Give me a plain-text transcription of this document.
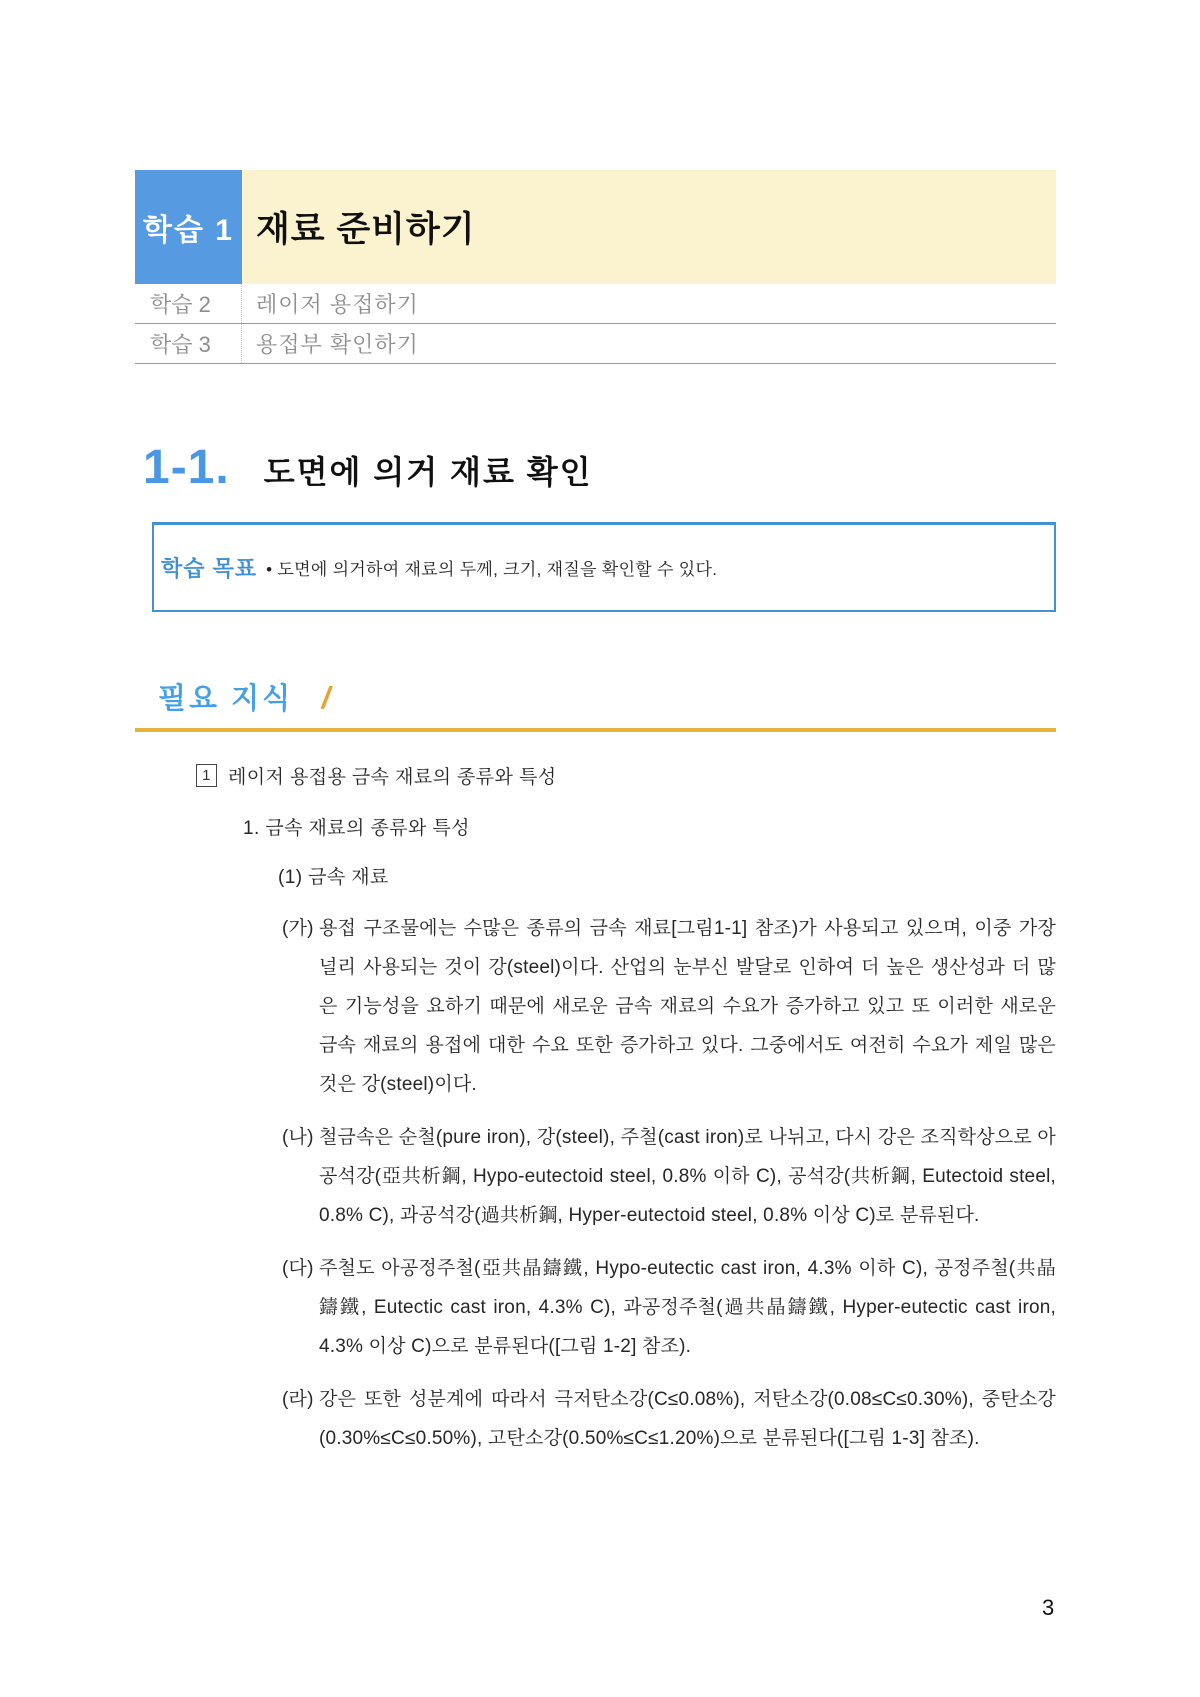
학습 1 재료 준비하기
학습 2	레이저 용접하기
학습 3	용접부 확인하기
1-1. 도면에 의거 재료 확인
학습 목표 • 도면에 의거하여 재료의 두께, 크기, 재질을 확인할 수 있다.
필요 지식 /
1 레이저 용접용 금속 재료의 종류와 특성
1. 금속 재료의 종류와 특성
(1) 금속 재료
(가) 용접 구조물에는 수많은 종류의 금속 재료[그림1-1] 참조)가 사용되고 있으며, 이중 가장 널리 사용되는 것이 강(steel)이다. 산업의 눈부신 발달로 인하여 더 높은 생산성과 더 많은 기능성을 요하기 때문에 새로운 금속 재료의 수요가 증가하고 있고 또 이러한 새로운 금속 재료의 용접에 대한 수요 또한 증가하고 있다. 그중에서도 여전히 수요가 제일 많은 것은 강(steel)이다.
(나) 철금속은 순철(pure iron), 강(steel), 주철(cast iron)로 나뉘고, 다시 강은 조직학상으로 아공석강(亞共析鋼, Hypo-eutectoid steel, 0.8% 이하 C), 공석강(共析鋼, Eutectoid steel, 0.8% C), 과공석강(過共析鋼, Hyper-eutectoid steel, 0.8% 이상 C)로 분류된다.
(다) 주철도 아공정주철(亞共晶鑄鐵, Hypo-eutectic cast iron, 4.3% 이하 C), 공정주철(共晶鑄鐵, Eutectic cast iron, 4.3% C), 과공정주철(過共晶鑄鐵, Hyper-eutectic cast iron, 4.3% 이상 C)으로 분류된다([그림 1-2] 참조).
(라) 강은 또한 성분계에 따라서 극저탄소강(C≤0.08%), 저탄소강(0.08≤C≤0.30%), 중탄소강(0.30%≤C≤0.50%), 고탄소강(0.50%≤C≤1.20%)으로 분류된다([그림 1-3] 참조).
3
